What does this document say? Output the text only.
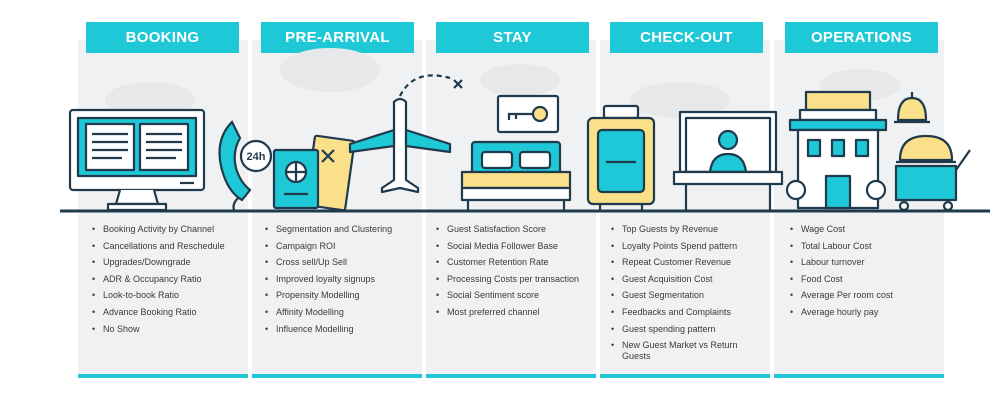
BOOKING	PRE-ARRIVAL	STAY	CHECK-OUT	OPERATIONS
24h
• Booking Activity by Channel
• Cancellations and Reschedule
• Upgrades/Downgrade
• ADR & Occupancy Ratio
• Look-to-book Ratio
• Advance Booking Ratio
• No Show
• Segmentation and Clustering
• Campaign ROI
• Cross sell/Up Sell
• Improved loyalty signups
• Propensity Modelling
• Affinity Modelling
• Influence Modelling
• Guest Satisfaction Score
• Social Media Follower Base
• Customer Retention Rate
• Processing Costs per transaction
• Social Sentiment score
• Most preferred channel
• Top Guests by Revenue
• Loyalty Points Spend pattern
• Repeat Customer Revenue
• Guest Acquisition Cost
• Guest Segmentation
• Feedbacks and Complaints
• Guest spending pattern
• New Guest Market vs Return Guests
• Wage Cost
• Total Labour Cost
• Labour turnover
• Food Cost
• Average Per room cost
• Average hourly pay
